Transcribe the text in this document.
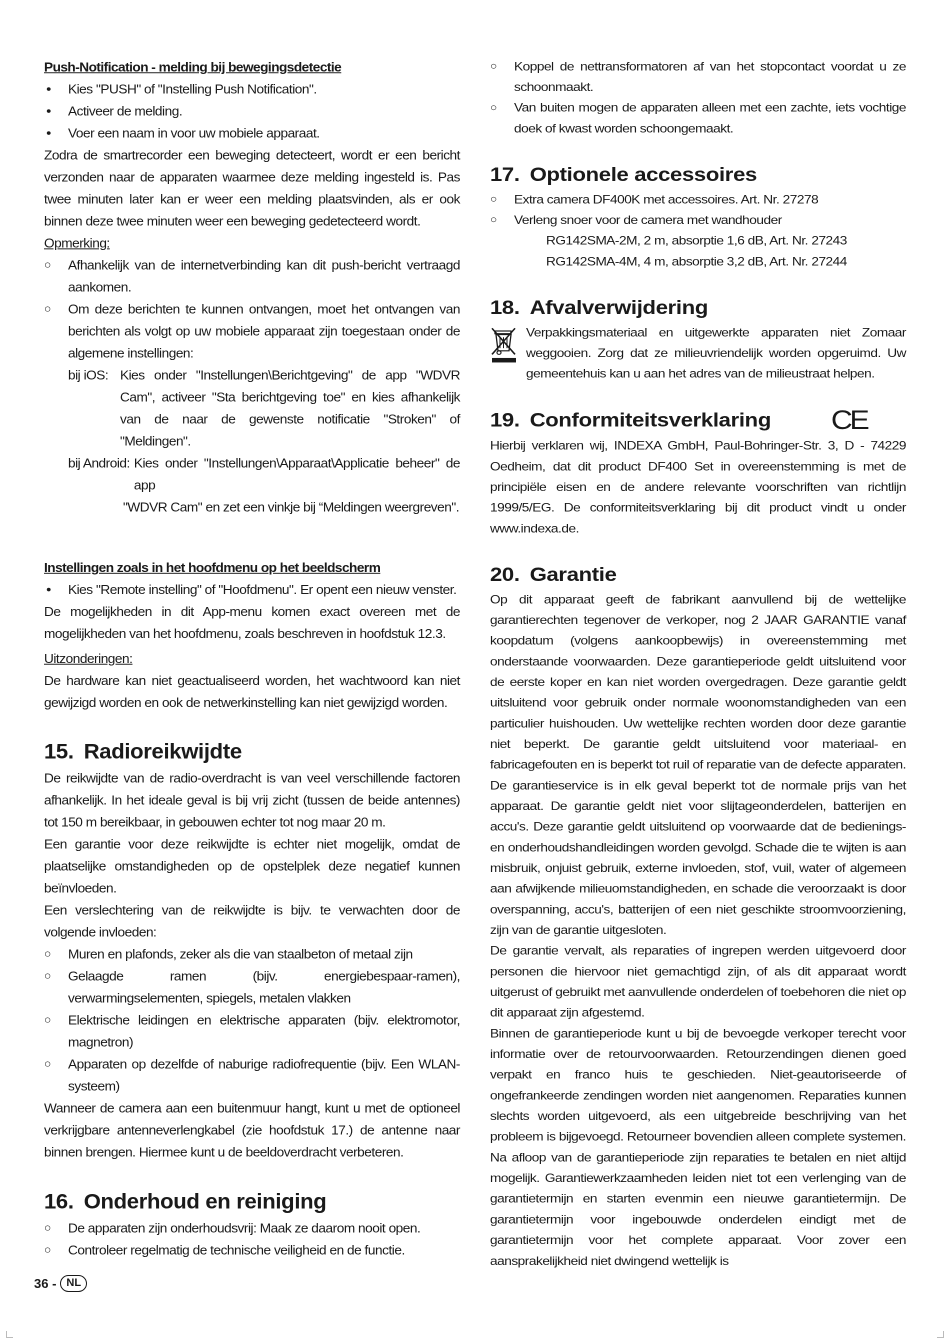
Push-Notification - melding bij bewegingsdetectie

● Kies "PUSH" of "Instelling Push Notification".
● Activeer de melding.
● Voer een naam in voor uw mobiele apparaat.

Zodra de smartrecorder een beweging detecteert, wordt er een bericht verzonden naar de apparaten waarmee deze melding ingesteld is. Pas twee minuten later kan er weer een melding plaatsvinden, als er ook binnen deze twee minuten weer een beweging gedetecteerd wordt.

Opmerking:

○ Afhankelijk van de internetverbinding kan dit push-bericht vertraagd aankomen.
○ Om deze berichten te kunnen ontvangen, moet het ontvangen van berichten als volgt op uw mobiele apparaat zijn toegestaan onder de algemene instellingen:
bij iOS: Kies onder "Instellungen\Berichtgeving" de app "WDVR Cam", activeer "Sta berichtgeving toe" en kies afhankelijk van de naar de gewenste notificatie "Stroken" of "Meldingen".
bij Android: Kies onder "Instellungen\Apparaat\Applicatie beheer" de app
"WDVR Cam" en zet een vinkje bij “Meldingen weergreven".

Instellingen zoals in het hoofdmenu op het beeldscherm

● Kies "Remote instelling" of "Hoofdmenu". Er opent een nieuw venster.

De mogelijkheden in dit App-menu komen exact overeen met de mogelijkheden van het hoofdmenu, zoals beschreven in hoofdstuk 12.3.

Uitzonderingen:

De hardware kan niet geactualiseerd worden, het wachtwoord kan niet gewijzigd worden en ook de netwerkinstelling kan niet gewijzigd worden.

15. Radioreikwijdte

De reikwijdte van de radio-overdracht is van veel verschillende factoren afhankelijk. In het ideale geval is bij vrij zicht (tussen de beide antennes) tot 150 m bereikbaar, in gebouwen echter tot nog maar 20 m.

Een garantie voor deze reikwijdte is echter niet mogelijk, omdat de plaatselijke omstandigheden op de opstelplek deze negatief kunnen beïnvloeden.

Een verslechtering van de reikwijdte is bijv. te verwachten door de volgende invloeden:

○ Muren en plafonds, zeker als die van staalbeton of metaal zijn
○ Gelaagde ramen (bijv. energiebespaar-ramen), verwarmingselementen, spiegels, metalen vlakken
○ Elektrische leidingen en elektrische apparaten (bijv. elektromotor, magnetron)
○ Apparaten op dezelfde of naburige radiofrequentie (bijv. Een WLAN-systeem)

Wanneer de camera aan een buitenmuur hangt, kunt u met de optioneel verkrijgbare antenneverlengkabel (zie hoofdstuk 17.) de antenne naar binnen brengen. Hiermee kunt u de beeldoverdracht verbeteren.

16. Onderhoud en reiniging
○ De apparaten zijn onderhoudsvrij: Maak ze daarom nooit open.
○ Controleer regelmatig de technische veiligheid en de functie.
○ Koppel de nettransformatoren af van het stopcontact voordat u ze schoonmaakt.
○ Van buiten mogen de apparaten alleen met een zachte, iets vochtige doek of kwast worden schoongemaakt.
17. Optionele accessoires
○ Extra camera DF400K met accessoires. Art. Nr. 27278
○ Verleng snoer voor de camera met wandhouder
RG142SMA-2M, 2 m, absorptie 1,6 dB, Art. Nr. 27243
RG142SMA-4M, 4 m, absorptie 3,2 dB, Art. Nr. 27244
18. Afvalverwijdering
Verpakkingsmateriaal en uitgewerkte apparaten niet Zomaar weggooien. Zorg dat ze milieuvriendelijk worden opgeruimd. Uw gemeentehuis kan u aan het adres van de milieustraat helpen.
19. Conformiteitsverklaring CE

Hierbij verklaren wij, INDEXA GmbH, Paul-Bohringer-Str. 3, D - 74229 Oedheim, dat dit product DF400 Set in overeenstemming is met de principiële eisen en de andere relevante voorschriften van richtlijn 1999/5/EG. De conformiteitsverklaring bij dit product vindt u onder www.indexa.de.

20. Garantie

Op dit apparaat geeft de fabrikant aanvullend bij de wettelijke garantierechten tegenover de verkoper, nog 2 JAAR GARANTIE vanaf koopdatum (volgens aankoopbewijs) in overeenstemming met onderstaande voorwaarden. Deze garantieperiode geldt uitsluitend voor de eerste koper en kan niet worden overgedragen. Deze garantie geldt uitsluitend voor gebruik onder normale woonomstandigheden van een particulier huishouden. Uw wettelijke rechten worden door deze garantie niet beperkt. De garantie geldt uitsluitend voor materiaal- en fabricagefouten en is beperkt tot ruil of reparatie van de defecte apparaten. De garantieservice is in elk geval beperkt tot de normale prijs van het apparaat. De garantie geldt niet voor slijtageonderdelen, batterijen en accu's. Deze garantie geldt uitsluitend op voorwaarde dat de bedienings- en onderhoudshandleidingen worden gevolgd. Schade die te wijten is aan misbruik, onjuist gebruik, externe invloeden, stof, vuil, water of algemeen aan afwijkende milieuomstandigheden, en schade die veroorzaakt is door overspanning, accu's, batterijen of een niet geschikte stroomvoorziening, zijn van de garantie uitgesloten.

De garantie vervalt, als reparaties of ingrepen werden uitgevoerd door personen die hiervoor niet gemachtigd zijn, of als dit apparaat wordt uitgerust of gebruikt met aanvullende onderdelen of toebehoren die niet op dit apparaat zijn afgestemd.

Binnen de garantieperiode kunt u bij de bevoegde verkoper terecht voor informatie over de retourvoorwaarden. Retourzendingen dienen goed verpakt en franco huis te geschieden. Niet-geautoriseerde of ongefrankeerde zendingen worden niet aangenomen. Reparaties kunnen slechts worden uitgevoerd, als een uitgebreide beschrijving van het probleem is bijgevoegd. Retourneer bovendien alleen complete systemen. Na afloop van de garantieperiode zijn reparaties te betalen en niet altijd mogelijk. Garantiewerkzaamheden leiden niet tot een verlenging van de garantietermijn en starten evenmin een nieuwe garantietermijn. De garantietermijn voor ingebouwde onderdelen eindigt met de garantietermijn voor het complete apparaat. Voor zover een aansprakelijkheid niet dwingend wettelijk is

36 - NL
